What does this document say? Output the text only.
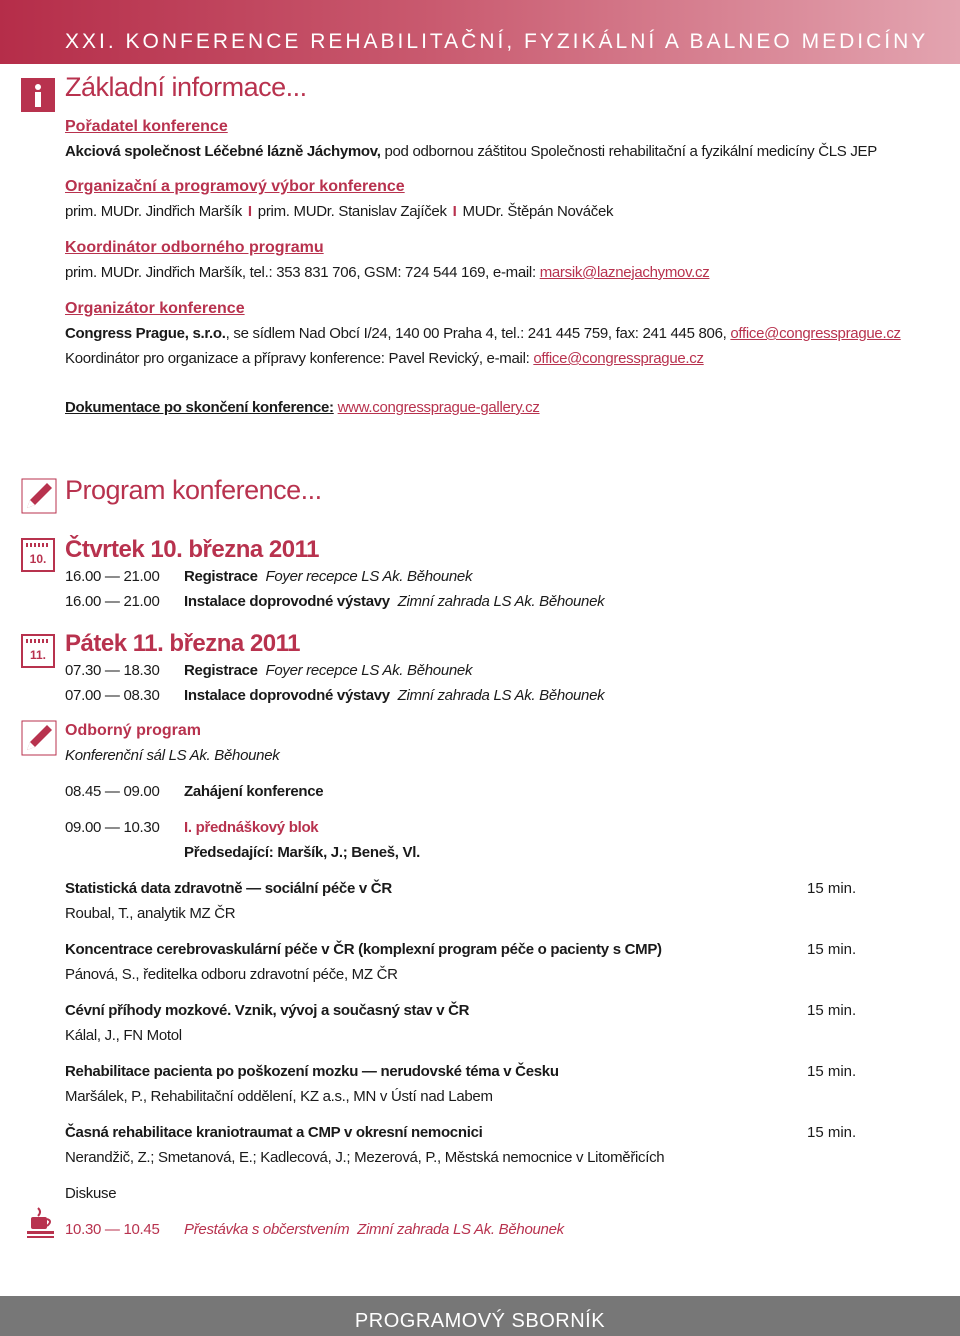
XXI. KONFERENCE REHABILITAČNÍ, FYZIKÁLNÍ A BALNEO MEDICÍNY
Základní informace...
Pořadatel konference
Akciová společnost Léčebné lázně Jáchymov, pod odbornou záštitou Společnosti rehabilitační a fyzikální medicíny ČLS JEP
Organizační a programový výbor konference
prim. MUDr. Jindřich Maršík I prim. MUDr. Stanislav Zajíček I MUDr. Štěpán Nováček
Koordinátor odborného programu
prim. MUDr. Jindřich Maršík, tel.: 353 831 706, GSM: 724 544 169, e-mail: marsik@laznejachymov.cz
Organizátor konference
Congress Prague, s.r.o., se sídlem Nad Obcí I/24, 140 00 Praha 4, tel.: 241 445 759, fax: 241 445 806, office@congressprague.cz
Koordinátor pro organizace a přípravy konference: Pavel Revický, e-mail: office@congressprague.cz
Dokumentace po skončení konference: www.congressprague-gallery.cz
Program konference...
10. Čtvrtek 10. března 2011
16.00 — 21.00 Registrace Foyer recepce LS Ak. Běhounek
16.00 — 21.00 Instalace doprovodné výstavy Zimní zahrada LS Ak. Běhounek
11. Pátek 11. března 2011
07.30 — 18.30 Registrace Foyer recepce LS Ak. Běhounek
07.00 — 08.30 Instalace doprovodné výstavy Zimní zahrada LS Ak. Běhounek
Odborný program
Konferenční sál LS Ak. Běhounek
08.45 — 09.00 Zahájení konference
09.00 — 10.30 I. přednáškový blok
Předsedající: Maršík, J.; Beneš, Vl.
Statistická data zdravotně — sociální péče v ČR
Roubal, T., analytik MZ ČR
15 min.
Koncentrace cerebrovaskulární péče v ČR (komplexní program péče o pacienty s CMP)
Pánová, S., ředitelka odboru zdravotní péče, MZ ČR
15 min.
Cévní příhody mozkové. Vznik, vývoj a současný stav v ČR
Kálal, J., FN Motol
15 min.
Rehabilitace pacienta po poškození mozku — nerudovské téma v Česku
Maršálek, P., Rehabilitační oddělení, KZ a.s., MN v Ústí nad Labem
15 min.
Časná rehabilitace kraniotraumat a CMP v okresní nemocnici
Nerandžič, Z.; Smetanová, E.; Kadlecová, J.; Mezerová, P., Městská nemocnice v Litoměřicích
15 min.
Diskuse
10.30 — 10.45 Přestávka s občerstvením Zimní zahrada LS Ak. Běhounek
PROGRAMOVÝ SBORNÍK
